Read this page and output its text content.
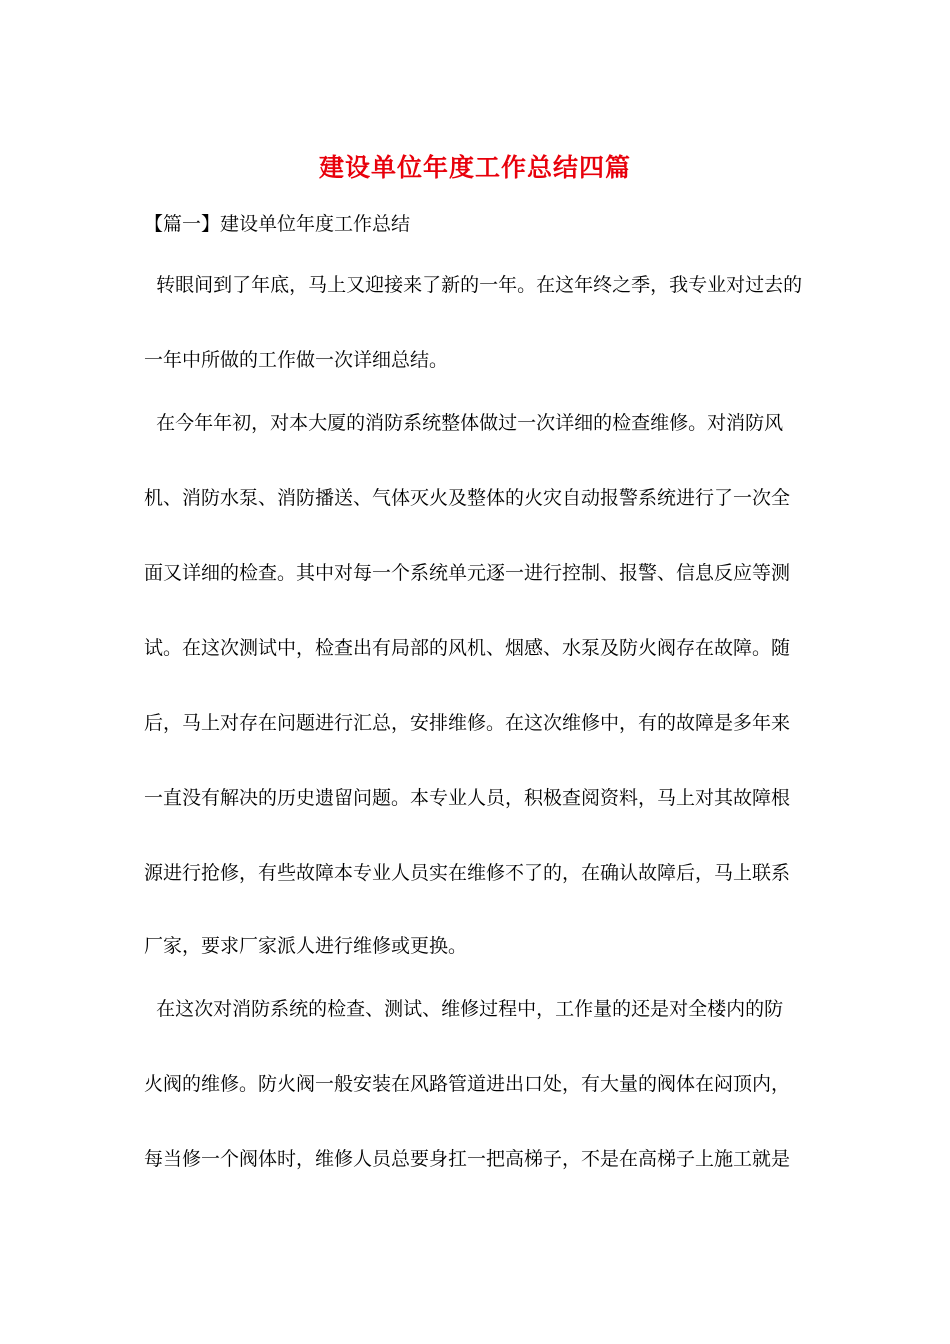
建设单位年度工作总结四篇
【篇一】建设单位年度工作总结
转眼间到了年底，马上又迎接来了新的一年。在这年终之季，我专业对过去的
一年中所做的工作做一次详细总结。
在今年年初，对本大厦的消防系统整体做过一次详细的检查维修。对消防风
机、消防水泵、消防播送、气体灭火及整体的火灾自动报警系统进行了一次全
面又详细的检查。其中对每一个系统单元逐一进行控制、报警、信息反应等测
试。在这次测试中，检查出有局部的风机、烟感、水泵及防火阀存在故障。随
后，马上对存在问题进行汇总，安排维修。在这次维修中，有的故障是多年来
一直没有解决的历史遗留问题。本专业人员，积极查阅资料，马上对其故障根
源进行抢修，有些故障本专业人员实在维修不了的，在确认故障后，马上联系
厂家，要求厂家派人进行维修或更换。
在这次对消防系统的检查、测试、维修过程中，工作量的还是对全楼内的防
火阀的维修。防火阀一般安装在风路管道进出口处，有大量的阀体在闷顶内，
每当修一个阀体时，维修人员总要身扛一把高梯子，不是在高梯子上施工就是
